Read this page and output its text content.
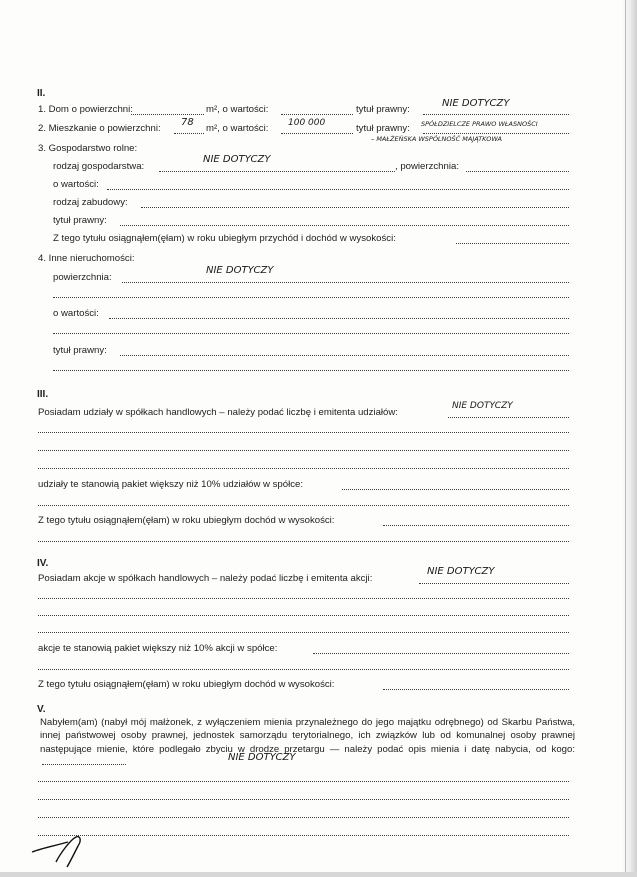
II.
1. Dom o powierzchni:	m², o wartości:	tytuł prawny:
NIE DOTYCZY
2. Mieszkanie o powierzchni:
78
m², o wartości: 100 000	tytuł prawny: SPÓŁDZIELCZE PRAWO WŁASNOŚCI
– MAŁŻEŃSKA WSPÓLNOŚĆ MAJĄTKOWA
3. Gospodarstwo rolne:
rodzaj gospodarstwa:
NIE DOTYCZY
, powierzchnia:
o wartości:
rodzaj zabudowy:
tytuł prawny:
Z tego tytułu osiągnąłem(ęłam) w roku ubiegłym przychód i dochód w wysokości:
4. Inne nieruchomości:
powierzchnia:
NIE DOTYCZY
o wartości:
tytuł prawny:
III.
Posiadam udziały w spółkach handlowych – należy podać liczbę i emitenta udziałów:
NIE DOTYCZY
udziały te stanowią pakiet większy niż 10% udziałów w spółce:
Z tego tytułu osiągnąłem(ęłam) w roku ubiegłym dochód w wysokości:
IV.
Posiadam akcje w spółkach handlowych – należy podać liczbę i emitenta akcji:
NIE DOTYCZY
akcje te stanowią pakiet większy niż 10% akcji w spółce:
Z tego tytułu osiągnąłem(ęłam) w roku ubiegłym dochód w wysokości:
V.
Nabyłem(am) (nabył mój małżonek, z wyłączeniem mienia przynależnego do jego majątku odrębnego) od Skarbu Państwa, innej państwowej osoby prawnej, jednostek samorządu terytorialnego, ich związków lub od komunalnej osoby prawnej następujące mienie, które podlegało zbyciu w drodze przetargu — należy podać opis mienia i datę nabycia, od kogo:
NIE DOTYCZY
